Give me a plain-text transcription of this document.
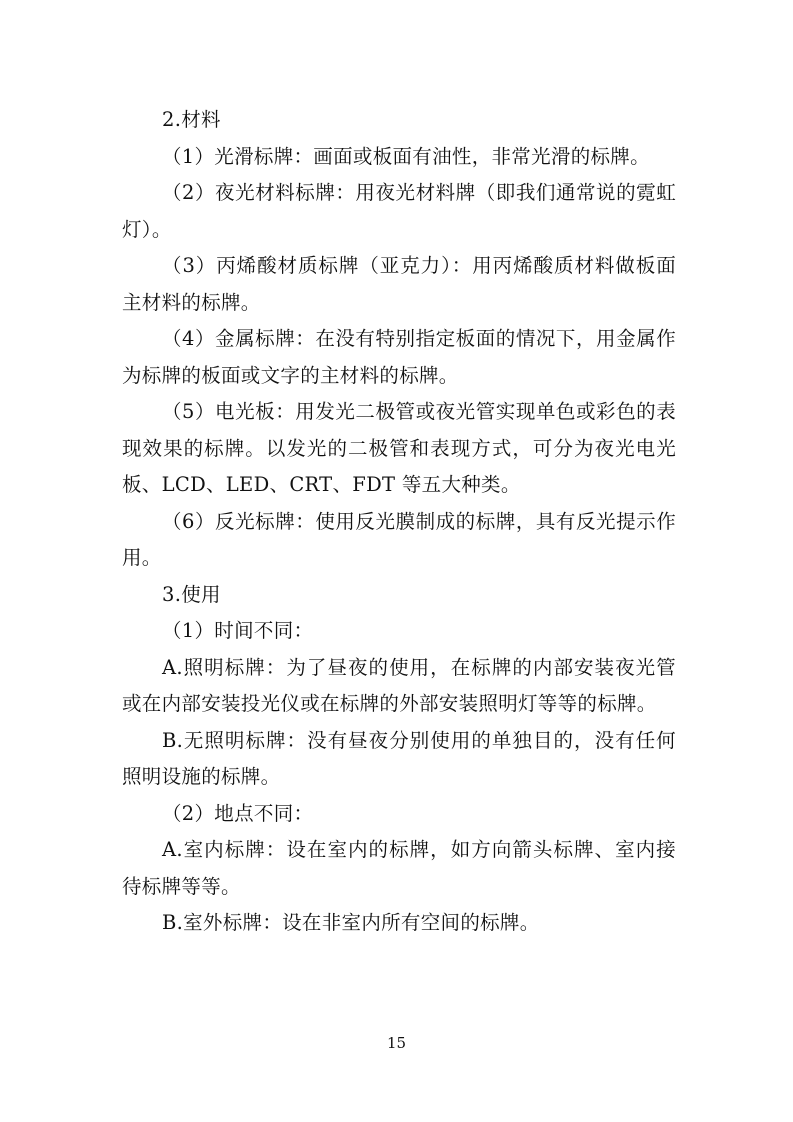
2.材料

（1）光滑标牌：画面或板面有油性，非常光滑的标牌。

（2）夜光材料标牌：用夜光材料牌（即我们通常说的霓虹灯）。

（3）丙烯酸材质标牌（亚克力）：用丙烯酸质材料做板面主材料的标牌。

（4）金属标牌：在没有特别指定板面的情况下，用金属作为标牌的板面或文字的主材料的标牌。

（5）电光板：用发光二极管或夜光管实现单色或彩色的表现效果的标牌。以发光的二极管和表现方式，可分为夜光电光板、LCD、LED、CRT、FDT 等五大种类。

（6）反光标牌：使用反光膜制成的标牌，具有反光提示作用。

3.使用

（1）时间不同：

A.照明标牌：为了昼夜的使用，在标牌的内部安装夜光管或在内部安装投光仪或在标牌的外部安装照明灯等等的标牌。

B.无照明标牌：没有昼夜分别使用的单独目的，没有任何照明设施的标牌。

（2）地点不同：

A.室内标牌：设在室内的标牌，如方向箭头标牌、室内接待标牌等等。

B.室外标牌：设在非室内所有空间的标牌。

15
